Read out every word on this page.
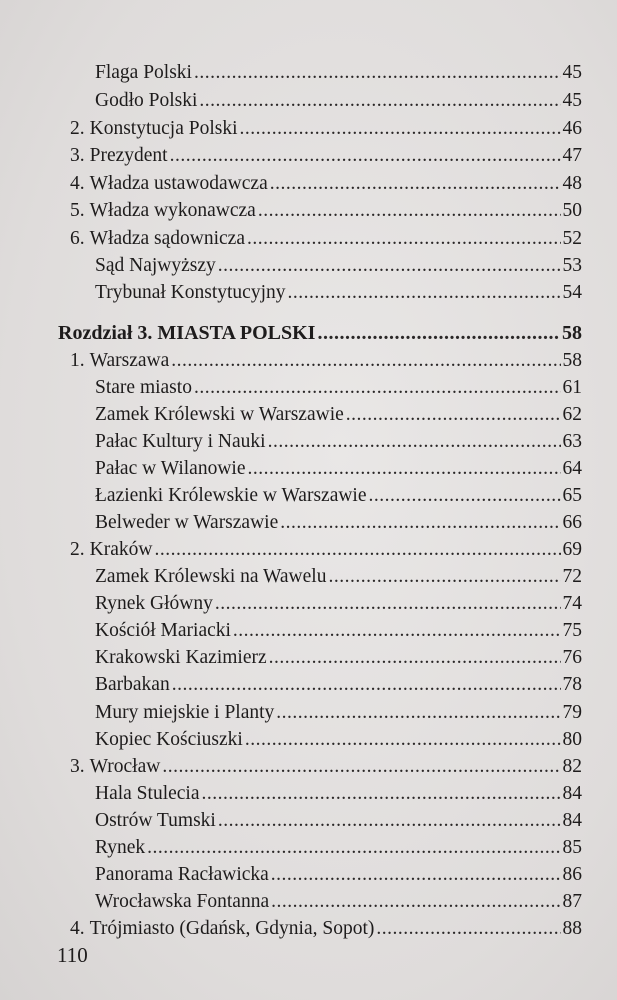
Flaga Polski .....	45
Godło Polski .....	45
2. Konstytucja Polski .....	46
3. Prezydent .....	47
4. Władza ustawodawcza .....	48
5. Władza wykonawcza .....	50
6. Władza sądownicza .....	52
Sąd Najwyższy .....	53
Trybunał Konstytucyjny .....	54
Rozdział 3. MIASTA POLSKI .....	58
1. Warszawa .....	58
Stare miasto .....	61
Zamek Królewski w Warszawie .....	62
Pałac Kultury i Nauki .....	63
Pałac w Wilanowie .....	64
Łazienki Królewskie w Warszawie .....	65
Belweder w Warszawie .....	66
2. Kraków .....	69
Zamek Królewski na Wawelu .....	72
Rynek Główny .....	74
Kościół Mariacki .....	75
Krakowski Kazimierz .....	76
Barbakan .....	78
Mury miejskie i Planty .....	79
Kopiec Kościuszki .....	80
3. Wrocław .....	82
Hala Stulecia .....	84
Ostrów Tumski .....	84
Rynek .....	85
Panorama Racławicka .....	86
Wrocławska Fontanna .....	87
4. Trójmiasto (Gdańsk, Gdynia, Sopot) .....	88
110
